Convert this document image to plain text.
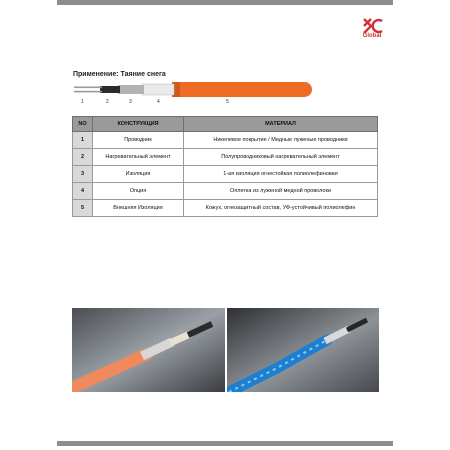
Global
Применение: Таяние снега
1	2	3	4	5
NO	КОНСТРУКЦИЯ	МАТЕРИАЛ
1	Проводник	Никелевое покрытие / Медные луженые проводники
2	Нагревательный элемент	Полупроводниковый нагревательный элемент
3	Изоляция	1-ая изоляция огнестойкая полиолефиновая
4	Опция	Оплетка из луженой медной проволоки
5	Внешняя Изоляция	Кожух, огнезащитный состав, УФ-устойчивый полиолефин
